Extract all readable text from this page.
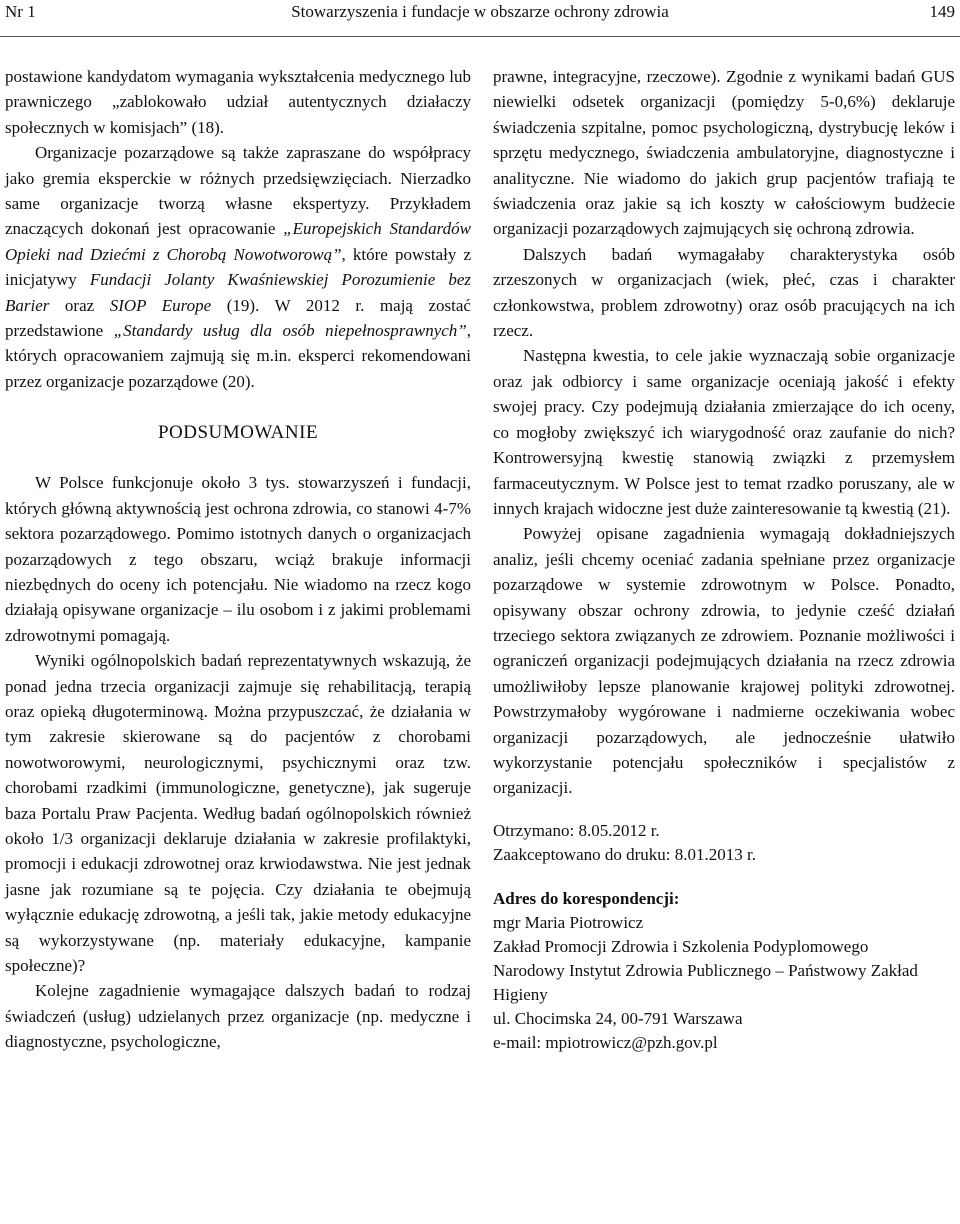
Nr 1	Stowarzyszenia i fundacje w obszarze ochrony zdrowia	149

postawione kandydatom wymagania wykształcenia medycznego lub prawniczego „zablokowało udział autentycznych działaczy społecznych w komisjach” (18).

Organizacje pozarządowe są także zapraszane do współpracy jako gremia eksperckie w różnych przedsięwzięciach. Nierzadko same organizacje tworzą własne ekspertyzy. Przykładem znaczących dokonań jest opracowanie „Europejskich Standardów Opieki nad Dziećmi z Chorobą Nowotworową”, które powstały z inicjatywy Fundacji Jolanty Kwaśniewskiej Porozumienie bez Barier oraz SIOP Europe (19). W 2012 r. mają zostać przedstawione „Standardy usług dla osób niepełnosprawnych”, których opracowaniem zajmują się m.in. eksperci rekomendowani przez organizacje pozarządowe (20).

PODSUMOWANIE

W Polsce funkcjonuje około 3 tys. stowarzyszeń i fundacji, których główną aktywnością jest ochrona zdrowia, co stanowi 4-7% sektora pozarządowego. Pomimo istotnych danych o organizacjach pozarządowych z tego obszaru, wciąż brakuje informacji niezbędnych do oceny ich potencjału. Nie wiadomo na rzecz kogo działają opisywane organizacje – ilu osobom i z jakimi problemami zdrowotnymi pomagają.

Wyniki ogólnopolskich badań reprezentatywnych wskazują, że ponad jedna trzecia organizacji zajmuje się rehabilitacją, terapią oraz opieką długoterminową. Można przypuszczać, że działania w tym zakresie skierowane są do pacjentów z chorobami nowotworowymi, neurologicznymi, psychicznymi oraz tzw. chorobami rzadkimi (immunologiczne, genetyczne), jak sugeruje baza Portalu Praw Pacjenta. Według badań ogólnopolskich również około 1/3 organizacji deklaruje działania w zakresie profilaktyki, promocji i edukacji zdrowotnej oraz krwiodawstwa. Nie jest jednak jasne jak rozumiane są te pojęcia. Czy działania te obejmują wyłącznie edukację zdrowotną, a jeśli tak, jakie metody edukacyjne są wykorzystywane (np. materiały edukacyjne, kampanie społeczne)?

Kolejne zagadnienie wymagające dalszych badań to rodzaj świadczeń (usług) udzielanych przez organizacje (np. medyczne i diagnostyczne, psychologiczne,

prawne, integracyjne, rzeczowe). Zgodnie z wynikami badań GUS niewielki odsetek organizacji (pomiędzy 5-0,6%) deklaruje świadczenia szpitalne, pomoc psychologiczną, dystrybucję leków i sprzętu medycznego, świadczenia ambulatoryjne, diagnostyczne i analityczne. Nie wiadomo do jakich grup pacjentów trafiają te świadczenia oraz jakie są ich koszty w całościowym budżecie organizacji pozarządowych zajmujących się ochroną zdrowia.

Dalszych badań wymagałaby charakterystyka osób zrzeszonych w organizacjach (wiek, płeć, czas i charakter członkowstwa, problem zdrowotny) oraz osób pracujących na ich rzecz.

Następna kwestia, to cele jakie wyznaczają sobie organizacje oraz jak odbiorcy i same organizacje oceniają jakość i efekty swojej pracy. Czy podejmują działania zmierzające do ich oceny, co mogłoby zwiększyć ich wiarygodność oraz zaufanie do nich? Kontrowersyjną kwestię stanowią związki z przemysłem farmaceutycznym. W Polsce jest to temat rzadko poruszany, ale w innych krajach widoczne jest duże zainteresowanie tą kwestią (21).

Powyżej opisane zagadnienia wymagają dokładniejszych analiz, jeśli chcemy oceniać zadania spełniane przez organizacje pozarządowe w systemie zdrowotnym w Polsce. Ponadto, opisywany obszar ochrony zdrowia, to jedynie cześć działań trzeciego sektora związanych ze zdrowiem. Poznanie możliwości i ograniczeń organizacji podejmujących działania na rzecz zdrowia umożliwiłoby lepsze planowanie krajowej polityki zdrowotnej. Powstrzymałoby wygórowane i nadmierne oczekiwania wobec organizacji pozarządowych, ale jednocześnie ułatwiło wykorzystanie potencjału społeczników i specjalistów z organizacji.

Otrzymano: 8.05.2012 r.
Zaakceptowano do druku: 8.01.2013 r.
Adres do korespondencji:
mgr Maria Piotrowicz
Zakład Promocji Zdrowia i Szkolenia Podyplomowego
Narodowy Instytut Zdrowia Publicznego – Państwowy Zakład Higieny
ul. Chocimska 24, 00-791 Warszawa
e-mail: mpiotrowicz@pzh.gov.pl
